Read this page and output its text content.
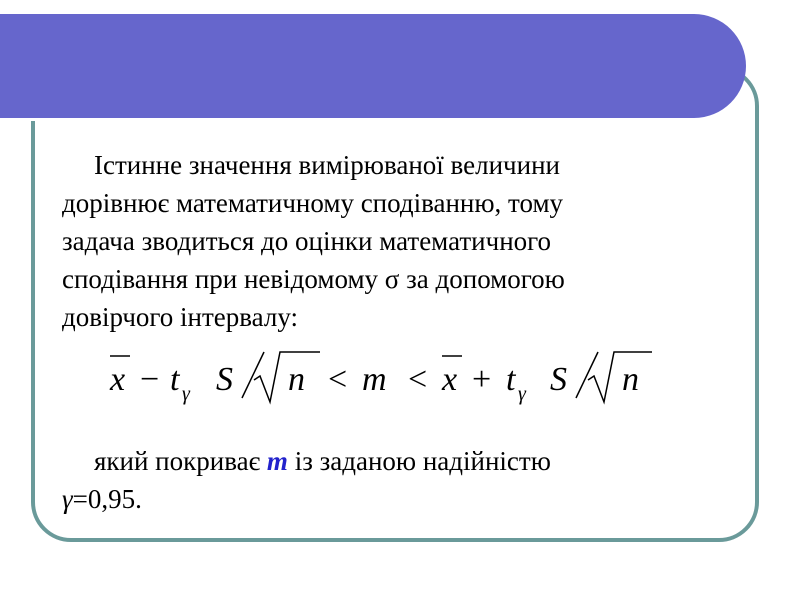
Істинне значення вимірюваної величини
дорівнює математичному сподіванню, тому
задача зводиться до оцінки математичного
сподівання при невідомому σ за допомогою
довірчого інтервалу:
x − t γ S n < m < x + t γ S n
який покриває m із заданою надійністю
γ=0,95.
